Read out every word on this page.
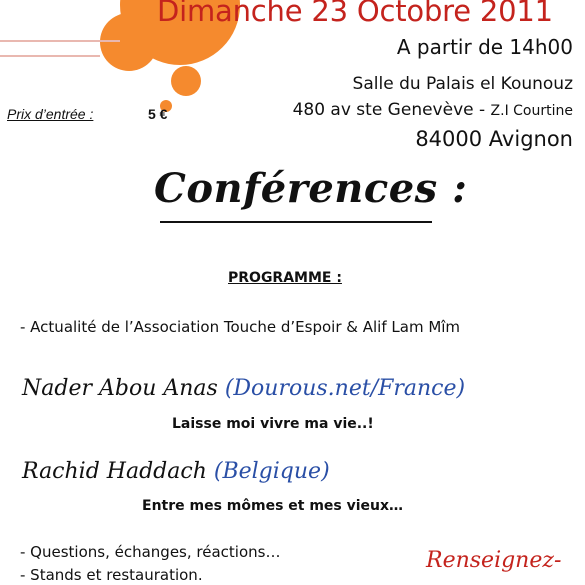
Dimanche 23 Octobre 2011
A partir de 14h00
Salle du Palais el Kounouz
480 av ste Genevève - Z.I Courtine
84000 Avignon
Prix d’entrée :	5 €
Conférences :
PROGRAMME :
- Actualité de l’Association Touche d’Espoir & Alif Lam Mîm
Nader Abou Anas (Dourous.net/France)
Laisse moi vivre ma vie..!
Rachid Haddach (Belgique)
Entre mes mômes et mes vieux…
- Questions, échanges, réactions…
- Stands et restauration.
Renseignez-
